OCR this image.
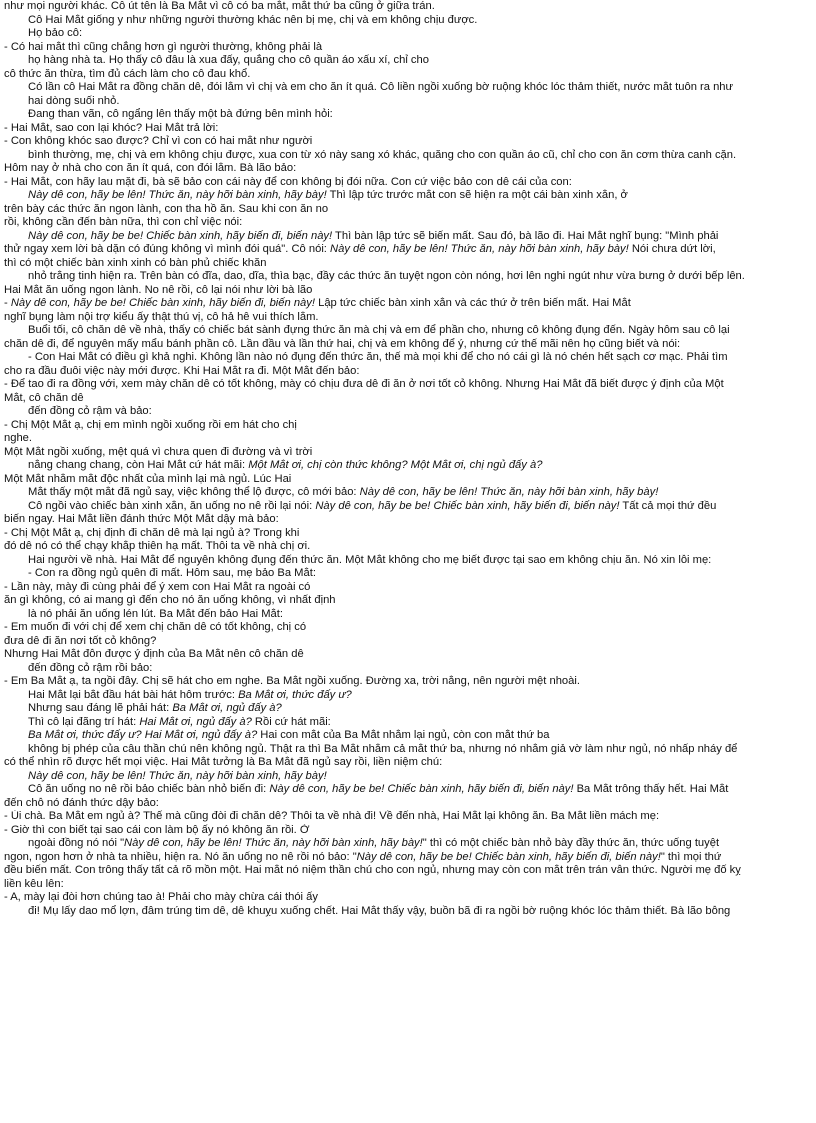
như mọi người khác. Cô út tên là Ba Mắt vì cô có ba mắt, mắt thứ ba cũng ở giữa trán.
Cô Hai Mắt giống y như những người thường khác nên bị mẹ, chị và em không chịu được.
Họ bảo cô:
- Có hai mắt thì cũng chẳng hơn gì người thường, không phải là
họ hàng nhà ta. Họ thấy cô đâu là xua đấy, quẳng cho cô quần áo xấu xí, chỉ cho
cô thức ăn thừa, tìm đủ cách làm cho cô đau khổ.
Có lần cô Hai Mắt ra đồng chăn dê, đói lắm vì chị và em cho ăn ít quá. Cô liền ngồi xuống bờ ruộng khóc lóc thảm thiết, nước mắt tuôn ra như
hai dòng suối nhỏ.
Đang than vãn, cô ngẩng lên thấy một bà đứng bên mình hỏi:
- Hai Mắt, sao con lại khóc? Hai Mắt trả lời:
- Con không khóc sao được? Chỉ vì con có hai mắt như người
bình thường, mẹ, chị và em không chịu được, xua con từ xó này sang xó khác, quăng cho con quần áo cũ, chỉ cho con ăn cơm thừa canh cặn.
Hôm nay ở nhà cho con ăn ít quá, con đói lắm. Bà lão bảo:
- Hai Mắt, con hãy lau mặt đi, bà sẽ bảo con cái này để con không bị đói nữa. Con cứ việc bảo con dê cái của con:
Này dê con, hãy be lên! Thức ăn, này hỡi bàn xinh, hãy bày! Thì lập tức trước mắt con sẽ hiện ra một cái bàn xinh xắn, ở
trên bày các thức ăn ngon lành, con tha hồ ăn. Sau khi con ăn no
rồi, không cần đến bàn nữa, thì con chỉ việc nói:
Này dê con, hãy be be! Chiếc bàn xinh, hãy biến đi, biến này! Thì bàn lập tức sẽ biến mất. Sau đó, bà lão đi. Hai Mắt nghĩ bụng: "Mình phải
thử ngay xem lời bà dặn có đúng không vì mình đói quá". Cô nói: Này dê con, hãy be lên! Thức ăn, này hỡi bàn xinh, hãy bày! Nói chưa dứt lời,
thì có một chiếc bàn xinh xinh có bàn phủ chiếc khăn
nhỏ trắng tinh hiện ra. Trên bàn có đĩa, dao, dĩa, thìa bạc, đầy các thức ăn tuyệt ngon còn nóng, hơi lên nghi ngút như vừa bưng ở dưới bếp lên.
Hai Mắt ăn uống ngon lành. No nê rồi, cô lại nói như lời bà lão
- Này dê con, hãy be be! Chiếc bàn xinh, hãy biến đi, biến này! Lập tức chiếc bàn xinh xắn và các thứ ở trên biến mất. Hai Mắt
nghĩ bụng làm nội trợ kiểu ấy thật thú vị, cô hả hê vui thích lắm.
Buổi tối, cô chăn dê về nhà, thấy có chiếc bát sành đựng thức ăn mà chị và em để phần cho, nhưng cô không đụng đến. Ngày hôm sau cô lại
chăn dê đi, để nguyên mấy mẩu bánh phần cô. Lần đầu và lần thứ hai, chị và em không để ý, nhưng cứ thế mãi nên họ cũng biết và nói:
- Con Hai Mắt có điều gì khả nghi. Không lần nào nó đụng đến thức ăn, thế mà mọi khi để cho nó cái gì là nó chén hết sạch cơ mạc. Phải tìm
cho ra đầu đuôi việc này mới được. Khi Hai Mắt ra đi. Một Mắt đến bảo:
- Để tao đi ra đồng với, xem mày chăn dê có tốt không, mày có chịu đưa dê đi ăn ở nơi tốt cỏ không. Nhưng Hai Mắt đã biết được ý định của Một
Mắt, cô chăn dê
đến đồng cỏ rậm và bảo:
- Chị Một Mắt ạ, chị em mình ngồi xuống rồi em hát cho chị
nghe.
Một Mắt ngồi xuống, mệt quá vì chưa quen đi đường và vì trời
nắng chang chang, còn Hai Mắt cứ hát mãi: Một Mắt ơi, chị còn thức không? Một Mắt ơi, chị ngủ đấy à?
Một Mắt nhắm mắt độc nhất của mình lại mà ngủ. Lúc Hai
Mắt thấy một mắt đã ngủ say, việc không thể lộ được, cô mới bảo: Này dê con, hãy be lên! Thức ăn, này hỡi bàn xinh, hãy bày!
Cô ngồi vào chiếc bàn xinh xắn, ăn uống no nê rồi lại nói: Này dê con, hãy be be! Chiếc bàn xinh, hãy biến đi, biến này! Tất cả mọi thứ đều
biến ngay. Hai Mắt liền đánh thức Một Mắt dậy mà bảo:
- Chị Một Mắt ạ, chị định đi chăn dê mà lại ngủ à? Trong khi
đó dê nó có thể chạy khắp thiên hạ mất. Thôi ta về nhà chị ơi.
Hai người về nhà. Hai Mắt để nguyên không đụng đến thức ăn. Một Mắt không cho mẹ biết được tại sao em không chịu ăn. Nó xin lỗi mẹ:
- Con ra đồng ngủ quên đi mất. Hôm sau, mẹ bảo Ba Mắt:
- Lần này, mày đi cùng phải để ý xem con Hai Mắt ra ngoài có
ăn gì không, có ai mang gì đến cho nó ăn uống không, vì nhất định
là nó phải ăn uống lén lút. Ba Mắt đến bảo Hai Mắt:
- Em muốn đi với chị để xem chị chăn dê có tốt không, chị có
đưa dê đi ăn nơi tốt cỏ không?
Nhưng Hai Mắt đỗn được ý định của Ba Mắt nên cô chăn dê
đến đồng cỏ rậm rồi bảo:
- Em Ba Mắt ạ, ta ngồi đây. Chị sẽ hát cho em nghe. Ba Mắt ngồi xuống. Đường xa, trời nắng, nên người mệt nhoài.
Hai Mắt lại bắt đầu hát bài hát hôm trước: Ba Mắt ơi, thức đấy ư?
Nhưng sau đáng lẽ phải hát: Ba Mắt ơi, ngủ đấy à?
Thì cô lại đãng trí hát: Hai Mắt ơi, ngủ đấy à? Rồi cứ hát mãi:
Ba Mắt ơi, thức đấy ư? Hai Mắt ơi, ngủ đấy à? Hai con mắt của Ba Mắt nhắm lại ngủ, còn con mắt thứ ba
không bị phép của câu thần chú nên không ngủ. Thật ra thì Ba Mắt nhắm cả mắt thứ ba, nhưng nó nhắm giả vờ làm như ngủ, nó nhấp nháy để
có thể nhìn rõ được hết mọi việc. Hai Mắt tưởng là Ba Mắt đã ngủ say rồi, liền niệm chú:
Này dê con, hãy be lên! Thức ăn, này hỡi bàn xinh, hãy bày!
Cô ăn uống no nê rồi bảo chiếc bàn nhỏ biến đi: Này dê con, hãy be be! Chiếc bàn xinh, hãy biến đi, biến này! Ba Mắt trông thấy hết. Hai Mắt
đến chỗ nó đánh thức dậy bảo:
- Ủi chà. Ba Mắt em ngủ à? Thế mà cũng đòi đi chăn dê? Thôi ta về nhà đi! Về đến nhà, Hai Mắt lại không ăn. Ba Mắt liền mách mẹ:
- Giờ thì con biết tại sao cái con làm bộ ấy nó không ăn rồi. Ở
ngoài đồng nó nói "Này dê con, hãy be lên! Thức ăn, này hỡi bàn xinh, hãy bày!" thì có một chiếc bàn nhỏ bày đầy thức ăn, thức uống tuyệt
ngon, ngon hơn ở nhà ta nhiều, hiện ra. Nó ăn uống no nê rồi nó bảo: "Này dê con, hãy be be! Chiếc bàn xinh, hãy biến đi, biến này!" thì mọi thứ
đều biến mất. Con trông thấy tất cả rõ mồn một. Hai mắt nó niệm thần chú cho con ngủ, nhưng may còn con mắt trên trán vẫn thức. Người mẹ đố kỵ
liền kêu lên:
- A, mày lại đòi hơn chúng tao à! Phải cho mày chừa cái thói ấy
đi! Mụ lấy dao mổ lợn, đâm trúng tim dê, dê khuỵu xuống chết. Hai Mắt thấy vậy, buồn bã đi ra ngồi bờ ruộng khóc lóc thảm thiết. Bà lão bỗng
